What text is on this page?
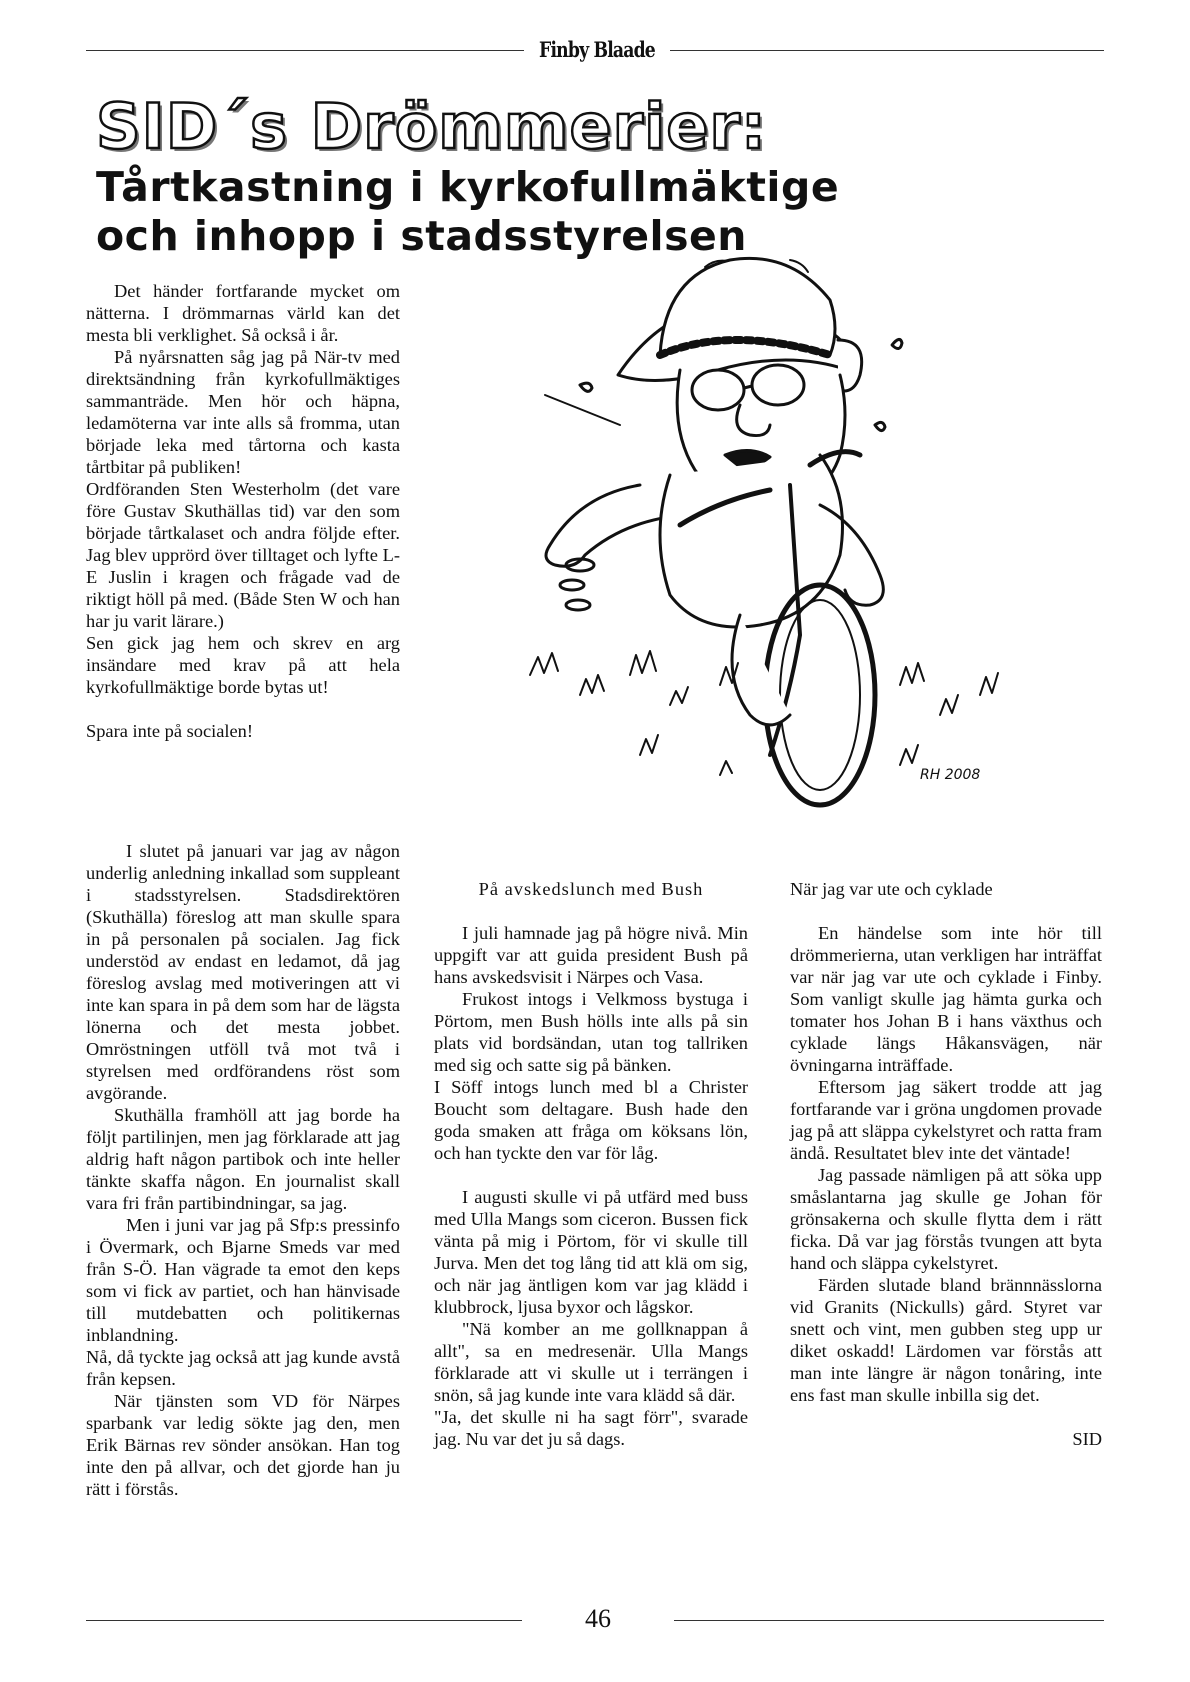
Finby Blaade
SID´s Drömmerier:
Tårtkastning i kyrkofullmäktige
och inhopp i stadsstyrelsen

Det händer fortfarande mycket om nätterna. I drömmarnas värld kan det mesta bli verklighet. Så också i år.

På nyårsnatten såg jag på När-tv med direktsändning från kyrkofullmäktiges sammanträde. Men hör och häpna, ledamöterna var inte alls så fromma, utan började leka med tårtorna och kasta tårtbitar på publiken!

Ordföranden Sten Westerholm (det vare före Gustav Skuthällas tid) var den som började tårtkalaset och andra följde efter. Jag blev upprörd över tilltaget och lyfte L-E Juslin i kragen och frågade vad de riktigt höll på med. (Både Sten W och han har ju varit lärare.)

Sen gick jag hem och skrev en arg insändare med krav på att hela kyrkofullmäktige borde bytas ut!

Spara inte på socialen!

I slutet på januari var jag av någon underlig anledning inkallad som suppleant i stadsstyrelsen. Stadsdirektören (Skuthälla) föreslog att man skulle spara in på personalen på socialen. Jag fick understöd av endast en ledamot, då jag föreslog avslag med motiveringen att vi inte kan spara in på dem som har de lägsta lönerna och det mesta jobbet. Omröstningen utföll två mot två i styrelsen med ordförandens röst som avgörande.

Skuthälla framhöll att jag borde ha följt partilinjen, men jag förklarade att jag aldrig haft någon partibok och inte heller tänkte skaffa någon. En journalist skall vara fri från partibindningar, sa jag.

Men i juni var jag på Sfp:s pressinfo i Övermark, och Bjarne Smeds var med från S-Ö. Han vägrade ta emot den keps som vi fick av partiet, och han hänvisade till mutdebatten och politikernas inblandning.

Nå, då tyckte jag också att jag kunde avstå från kepsen.

När tjänsten som VD för Närpes sparbank var ledig sökte jag den, men Erik Bärnas rev sönder ansökan. Han tog inte den på allvar, och det gjorde han ju rätt i förstås.

På avskedslunch med Bush

I juli hamnade jag på högre nivå. Min uppgift var att guida president Bush på hans avskedsvisit i Närpes och Vasa.

Frukost intogs i Velkmoss bystuga i Pörtom, men Bush hölls inte alls på sin plats vid bordsändan, utan tog tallriken med sig och satte sig på bänken.

I Söff intogs lunch med bl a Christer Boucht som deltagare. Bush hade den goda smaken att fråga om köksans lön, och han tyckte den var för låg.

I augusti skulle vi på utfärd med buss med Ulla Mangs som ciceron. Bussen fick vänta på mig i Pörtom, för vi skulle till Jurva. Men det tog lång tid att klä om sig, och när jag äntligen kom var jag klädd i klubbrock, ljusa byxor och lågskor.

"Nä komber an me gollknappan å allt", sa en medresenär. Ulla Mangs förklarade att vi skulle ut i terrängen i snön, så jag kunde inte vara klädd så där.

"Ja, det skulle ni ha sagt förr", svarade jag. Nu var det ju så dags.

När jag var ute och cyklade

En händelse som inte hör till drömmerierna, utan verkligen har inträffat var när jag var ute och cyklade i Finby. Som vanligt skulle jag hämta gurka och tomater hos Johan B i hans växthus och cyklade längs Håkansvägen, när övningarna inträffade.

Eftersom jag säkert trodde att jag fortfarande var i gröna ungdomen provade jag på att släppa cykelstyret och ratta fram ändå. Resultatet blev inte det väntade!

Jag passade nämligen på att söka upp småslantarna jag skulle ge Johan för grönsakerna och skulle flytta dem i rätt ficka. Då var jag förstås tvungen att byta hand och släppa cykelstyret.

Färden slutade bland brännnässlorna vid Granits (Nickulls) gård. Styret var snett och vint, men gubben steg upp ur diket oskadd! Lärdomen var förstås att man inte längre är någon tonåring, inte ens fast man skulle inbilla sig det.

SID

RH 2008
46
